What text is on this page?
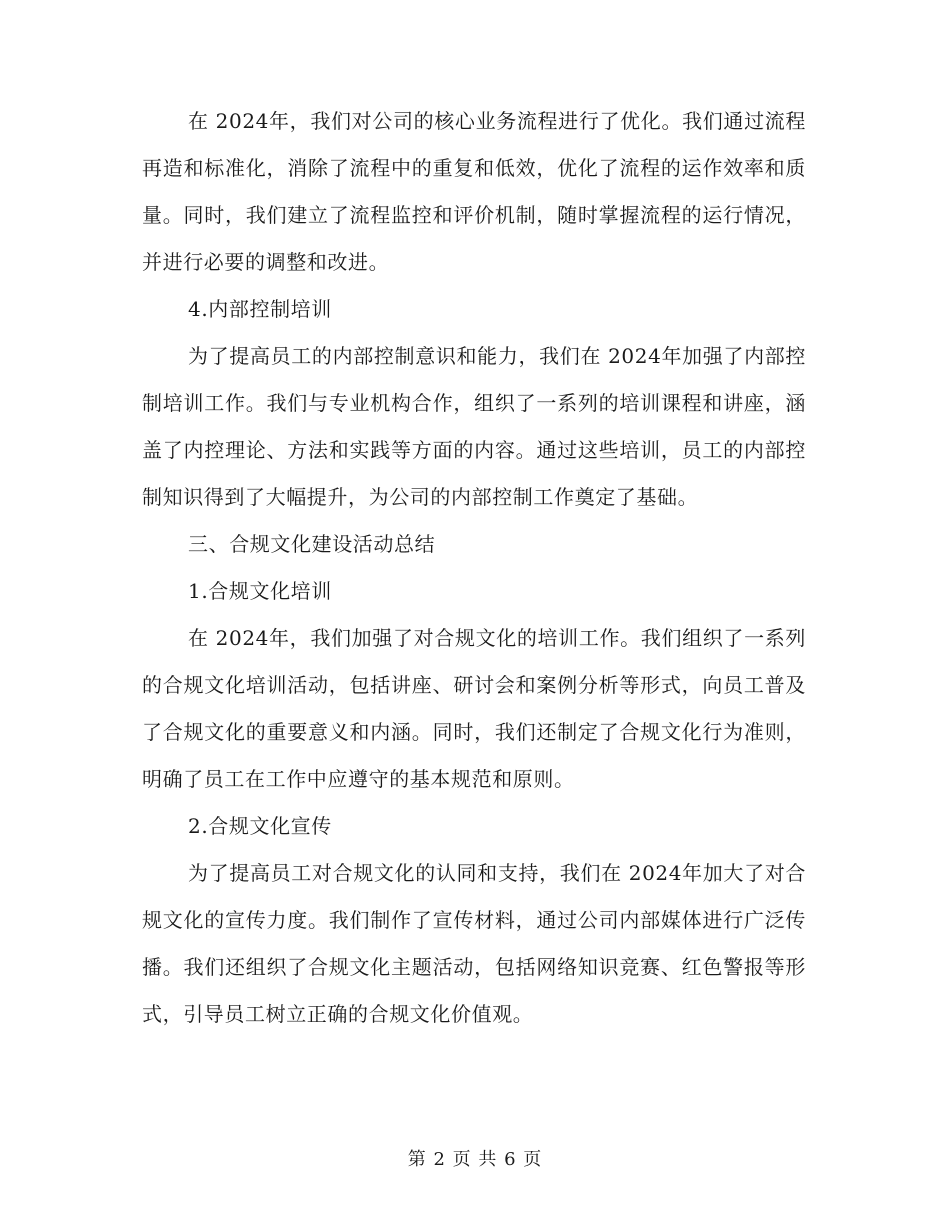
在 2024年，我们对公司的核心业务流程进行了优化。我们通过流程再造和标准化，消除了流程中的重复和低效，优化了流程的运作效率和质量。同时，我们建立了流程监控和评价机制，随时掌握流程的运行情况，并进行必要的调整和改进。

4.内部控制培训

为了提高员工的内部控制意识和能力，我们在 2024年加强了内部控制培训工作。我们与专业机构合作，组织了一系列的培训课程和讲座，涵盖了内控理论、方法和实践等方面的内容。通过这些培训，员工的内部控制知识得到了大幅提升，为公司的内部控制工作奠定了基础。

三、合规文化建设活动总结

1.合规文化培训

在 2024年，我们加强了对合规文化的培训工作。我们组织了一系列的合规文化培训活动，包括讲座、研讨会和案例分析等形式，向员工普及了合规文化的重要意义和内涵。同时，我们还制定了合规文化行为准则，明确了员工在工作中应遵守的基本规范和原则。

2.合规文化宣传

为了提高员工对合规文化的认同和支持，我们在 2024年加大了对合规文化的宣传力度。我们制作了宣传材料，通过公司内部媒体进行广泛传播。我们还组织了合规文化主题活动，包括网络知识竞赛、红色警报等形式，引导员工树立正确的合规文化价值观。

第 2 页 共 6 页
